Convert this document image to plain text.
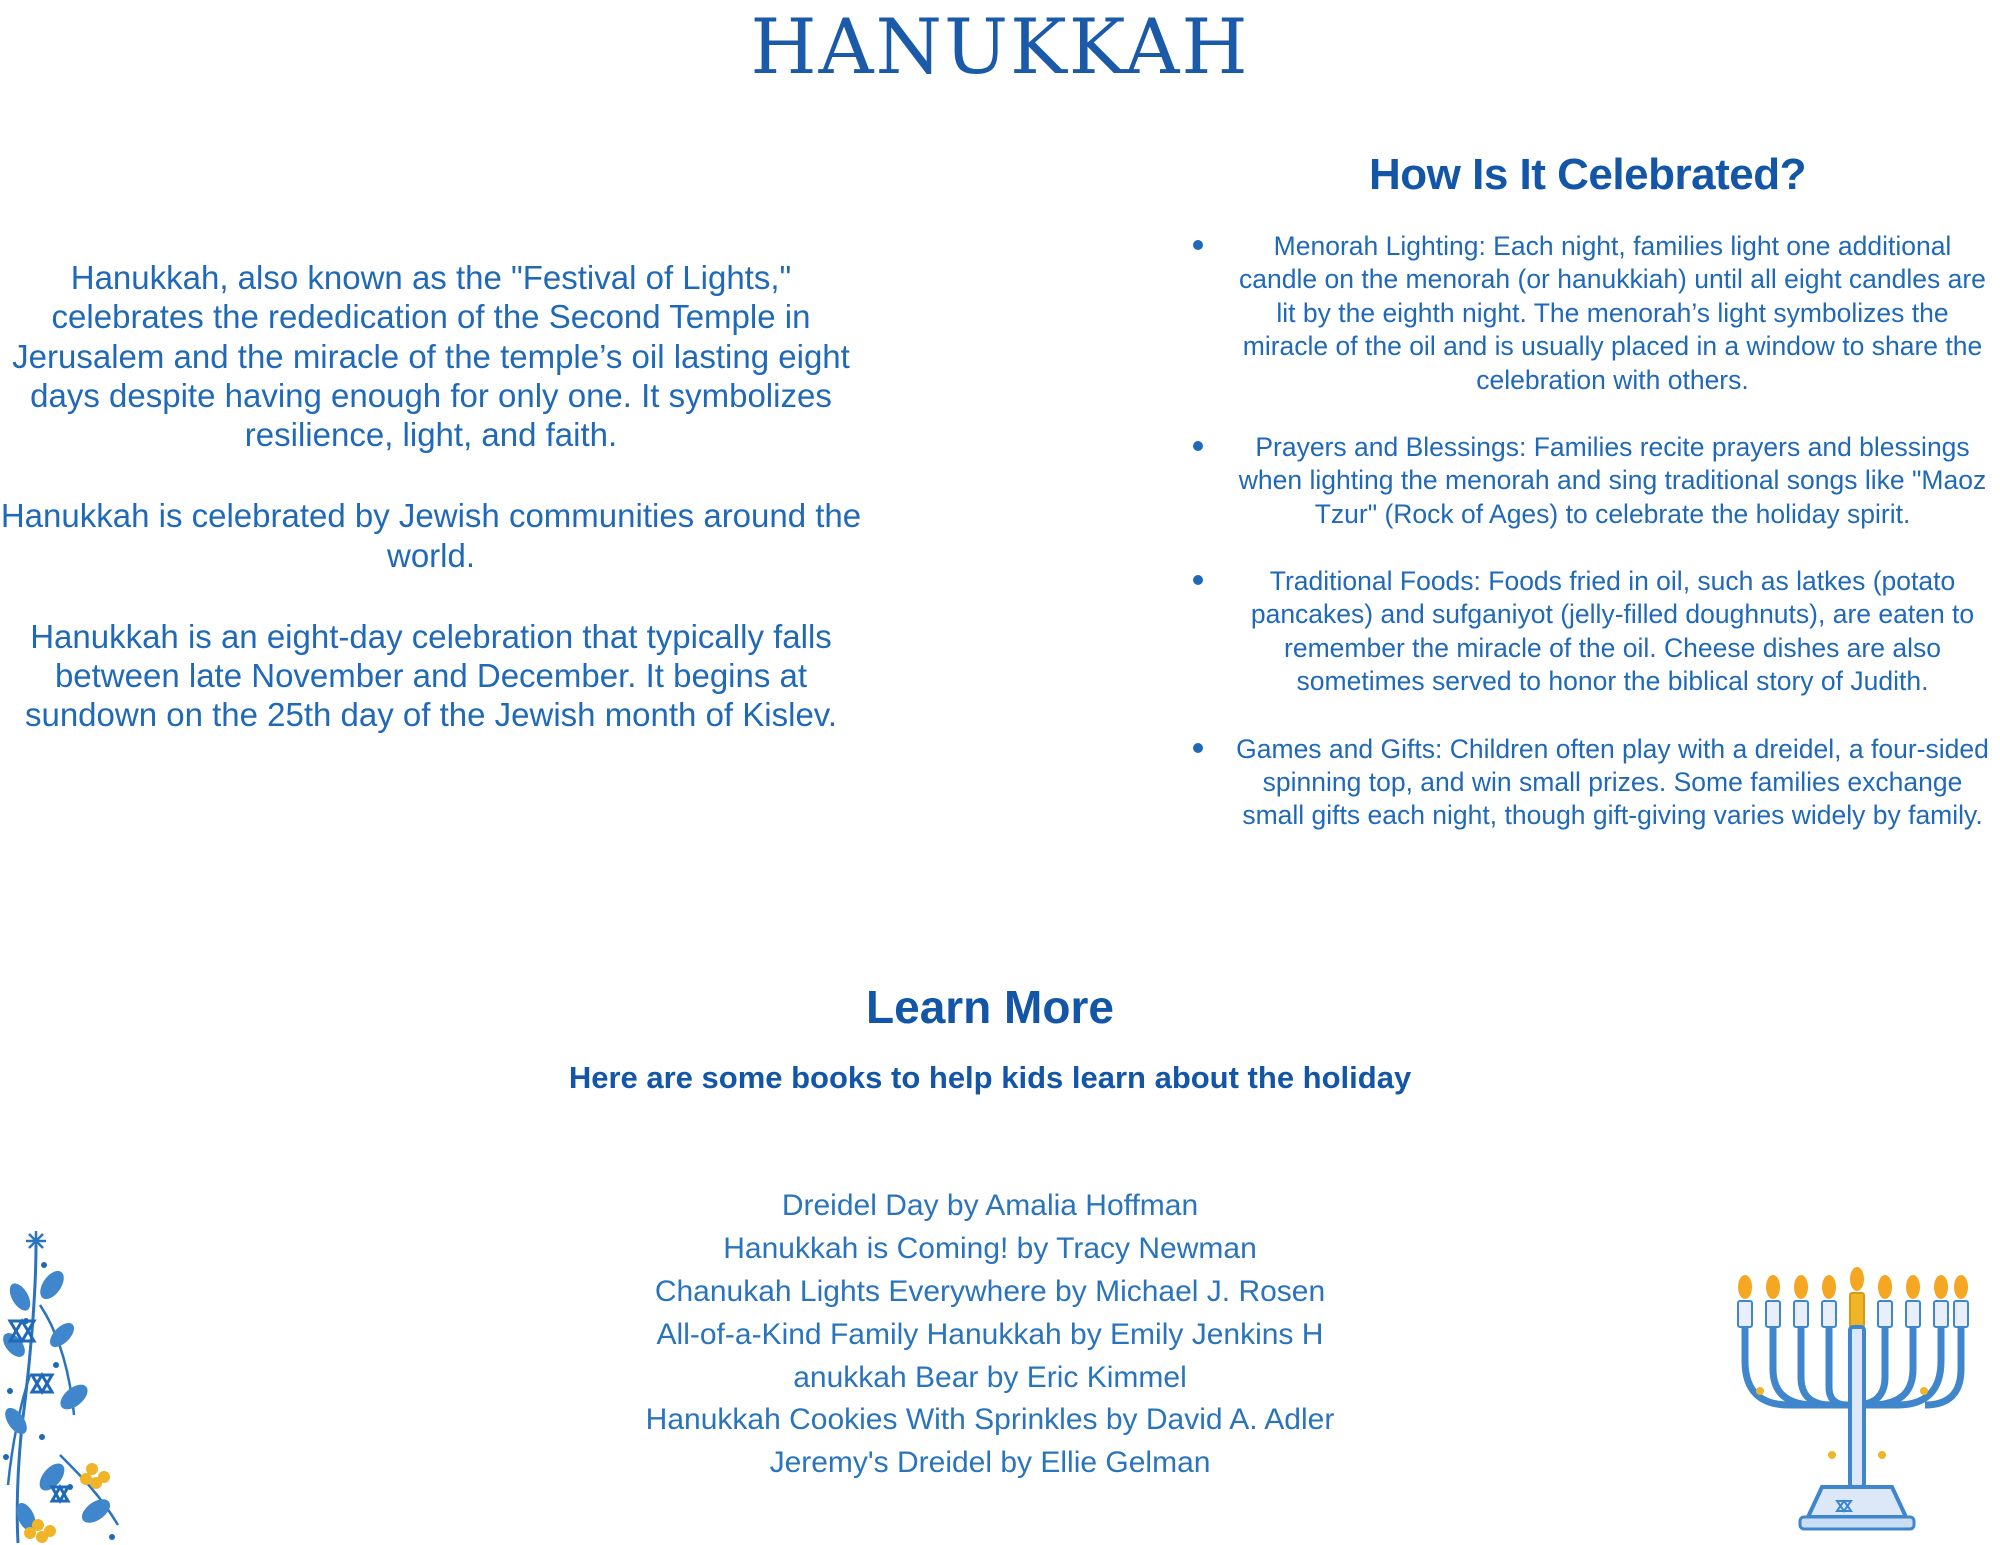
HANUKKAH

Hanukkah, also known as the "Festival of Lights," celebrates the rededication of the Second Temple in Jerusalem and the miracle of the temple’s oil lasting eight days despite having enough for only one. It symbolizes resilience, light, and faith.

Hanukkah is celebrated by Jewish communities around the world.

Hanukkah is an eight-day celebration that typically falls between late November and December. It begins at sundown on the 25th day of the Jewish month of Kislev.

How Is It Celebrated?
Menorah Lighting: Each night, families light one additional candle on the menorah (or hanukkiah) until all eight candles are lit by the eighth night. The menorah’s light symbolizes the miracle of the oil and is usually placed in a window to share the celebration with others.
Prayers and Blessings: Families recite prayers and blessings when lighting the menorah and sing traditional songs like "Maoz Tzur" (Rock of Ages) to celebrate the holiday spirit.
Traditional Foods: Foods fried in oil, such as latkes (potato pancakes) and sufganiyot (jelly-filled doughnuts), are eaten to remember the miracle of the oil. Cheese dishes are also sometimes served to honor the biblical story of Judith.
Games and Gifts: Children often play with a dreidel, a four-sided spinning top, and win small prizes. Some families exchange small gifts each night, though gift-giving varies widely by family.
Learn More
Here are some books to help kids learn about the holiday
Dreidel Day by Amalia Hoffman
Hanukkah is Coming! by Tracy Newman
Chanukah Lights Everywhere by Michael J. Rosen
All-of-a-Kind Family Hanukkah by Emily Jenkins H
anukkah Bear by Eric Kimmel
Hanukkah Cookies With Sprinkles by David A. Adler
Jeremy's Dreidel by Ellie Gelman
